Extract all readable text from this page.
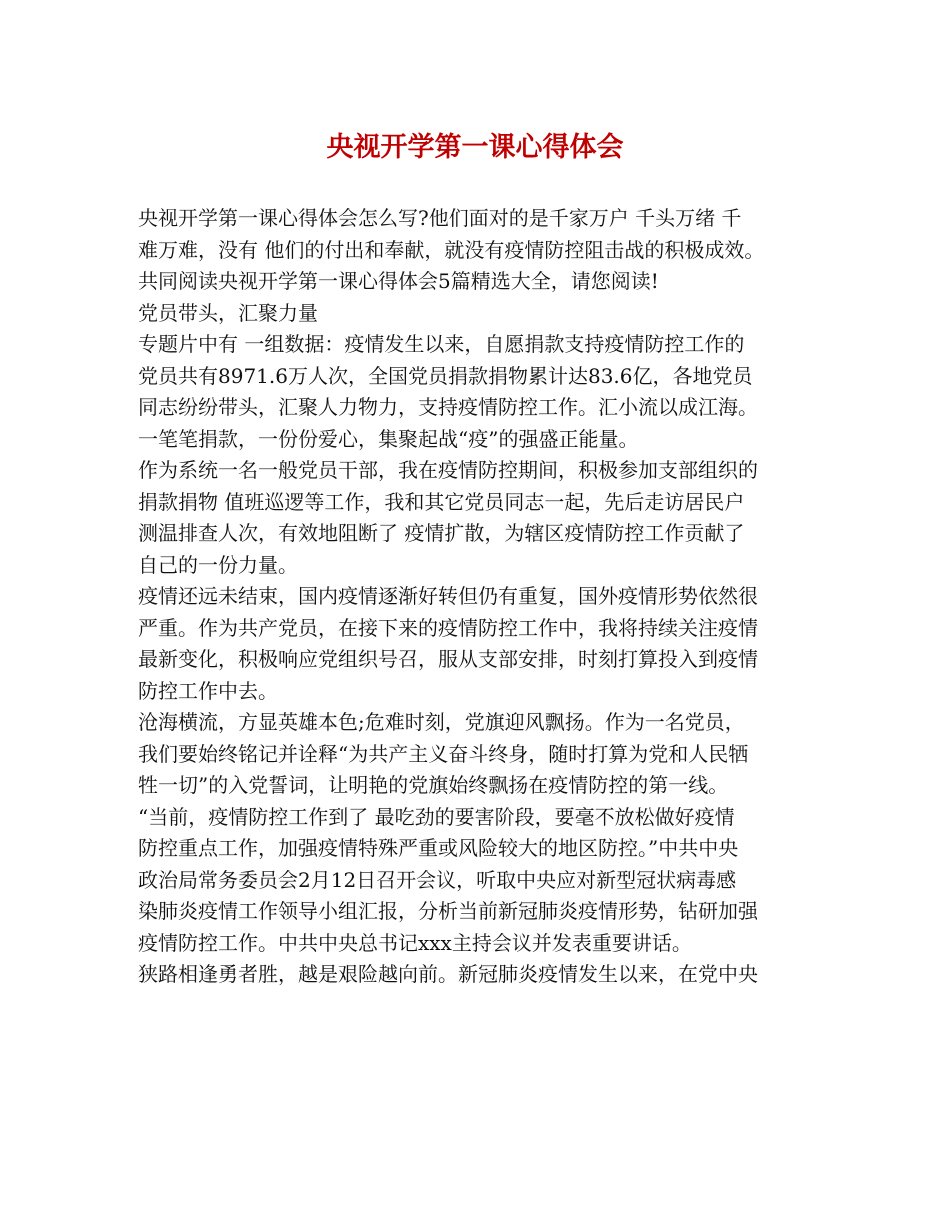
央视开学第一课心得体会
央视开学第一课心得体会怎么写?他们面对的是千家万户 千头万绪 千
难万难，没有 他们的付出和奉献，就没有疫情防控阻击战的积极成效。
共同阅读央视开学第一课心得体会5篇精选大全，请您阅读!
党员带头，汇聚力量
专题片中有 一组数据：疫情发生以来，自愿捐款支持疫情防控工作的
党员共有8971.6万人次，全国党员捐款捐物累计达83.6亿，各地党员
同志纷纷带头，汇聚人力物力，支持疫情防控工作。汇小流以成江海。
一笔笔捐款，一份份爱心，集聚起战“疫”的强盛正能量。
作为系统一名一般党员干部，我在疫情防控期间，积极参加支部组织的
捐款捐物 值班巡逻等工作，我和其它党员同志一起，先后走访居民户
测温排查人次，有效地阻断了 疫情扩散，为辖区疫情防控工作贡献了
自己的一份力量。
疫情还远未结束，国内疫情逐渐好转但仍有重复，国外疫情形势依然很
严重。作为共产党员，在接下来的疫情防控工作中，我将持续关注疫情
最新变化，积极响应党组织号召，服从支部安排，时刻打算投入到疫情
防控工作中去。
沧海横流，方显英雄本色;危难时刻，党旗迎风飘扬。作为一名党员，
我们要始终铭记并诠释“为共产主义奋斗终身，随时打算为党和人民牺
牲一切”的入党誓词，让明艳的党旗始终飘扬在疫情防控的第一线。
“当前，疫情防控工作到了 最吃劲的要害阶段，要毫不放松做好疫情
防控重点工作，加强疫情特殊严重或风险较大的地区防控。”中共中央
政治局常务委员会2月12日召开会议，听取中央应对新型冠状病毒感
染肺炎疫情工作领导小组汇报，分析当前新冠肺炎疫情形势，钻研加强
疫情防控工作。中共中央总书记xxx主持会议并发表重要讲话。
狭路相逢勇者胜，越是艰险越向前。新冠肺炎疫情发生以来，在党中央
